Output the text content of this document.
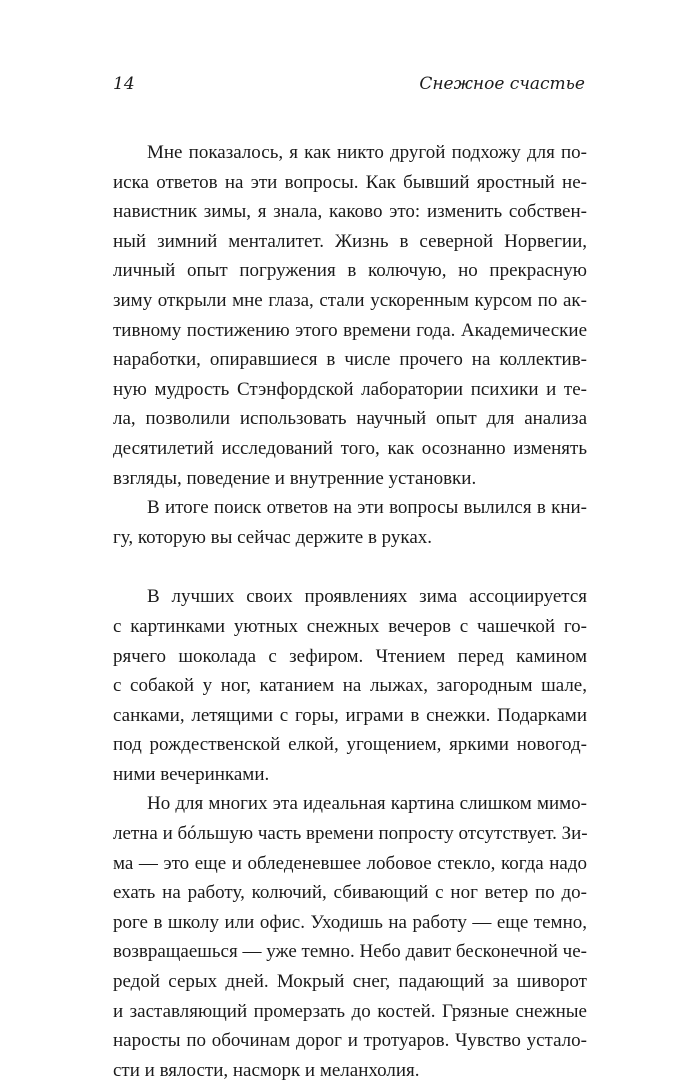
14	Снежное счастье
Мне показалось, я как никто другой подхожу для по-
иска ответов на эти вопросы. Как бывший яростный не-
навистник зимы, я знала, каково это: изменить собствен-
ный зимний менталитет. Жизнь в северной Норвегии,
личный опыт погружения в колючую, но прекрасную
зиму открыли мне глаза, стали ускоренным курсом по ак-
тивному постижению этого времени года. Академические
наработки, опиравшиеся в числе прочего на коллектив-
ную мудрость Стэнфордской лаборатории психики и те-
ла, позволили использовать научный опыт для анализа
десятилетий исследований того, как осознанно изменять
взгляды, поведение и внутренние установки.
В итоге поиск ответов на эти вопросы вылился в кни-
гу, которую вы сейчас держите в руках.
В лучших своих проявлениях зима ассоциируется
с картинками уютных снежных вечеров с чашечкой го-
рячего шоколада с зефиром. Чтением перед камином
с собакой у ног, катанием на лыжах, загородным шале,
санками, летящими с горы, играми в снежки. Подарками
под рождественской елкой, угощением, яркими новогод-
ними вечеринками.
Но для многих эта идеальная картина слишком мимо-
летна и бóльшую часть времени попросту отсутствует. Зи-
ма — это еще и обледеневшее лобовое стекло, когда надо
ехать на работу, колючий, сбивающий с ног ветер по до-
роге в школу или офис. Уходишь на работу — еще темно,
возвращаешься — уже темно. Небо давит бесконечной че-
редой серых дней. Мокрый снег, падающий за шиворот
и заставляющий промерзать до костей. Грязные снежные
наросты по обочинам дорог и тротуаров. Чувство устало-
сти и вялости, насморк и меланхолия.
